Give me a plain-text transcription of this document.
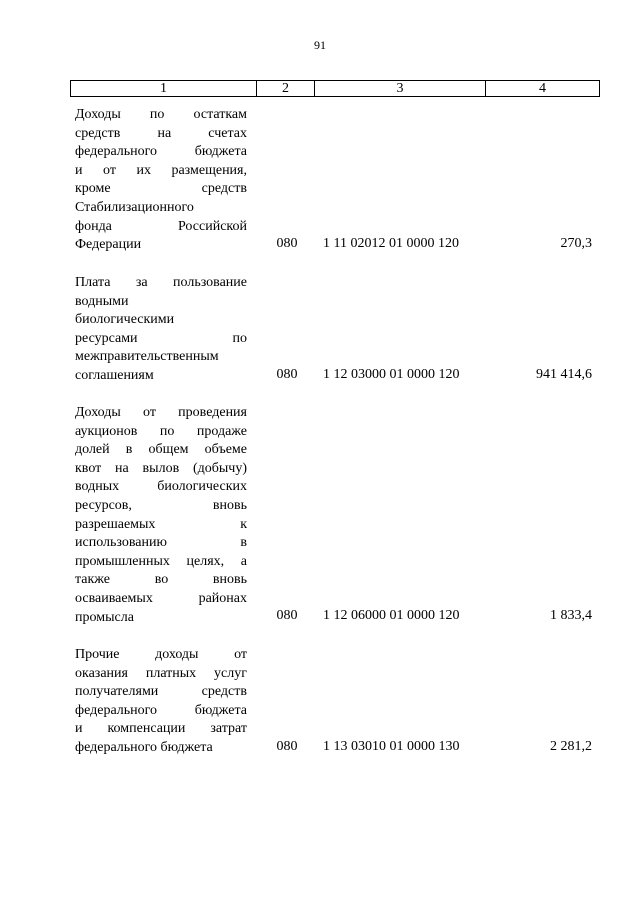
91
1	2	3	4
Доходы по остаткам
средств на счетах
федерального бюджета
и от их размещения,
кроме средств
Стабилизационного
фонда Российской
Федерации	080	1 11 02012 01 0000 120	270,3
Плата за пользование
водными
биологическими
ресурсами по
межправительственным
соглашениям	080	1 12 03000 01 0000 120	941 414,6
Доходы от проведения
аукционов по продаже
долей в общем объеме
квот на вылов (добычу)
водных биологических
ресурсов, вновь
разрешаемых к
использованию в
промышленных целях, а
также во вновь
осваиваемых районах
промысла	080	1 12 06000 01 0000 120	1 833,4
Прочие доходы от
оказания платных услуг
получателями средств
федерального бюджета
и компенсации затрат
федерального бюджета	080	1 13 03010 01 0000 130	2 281,2
